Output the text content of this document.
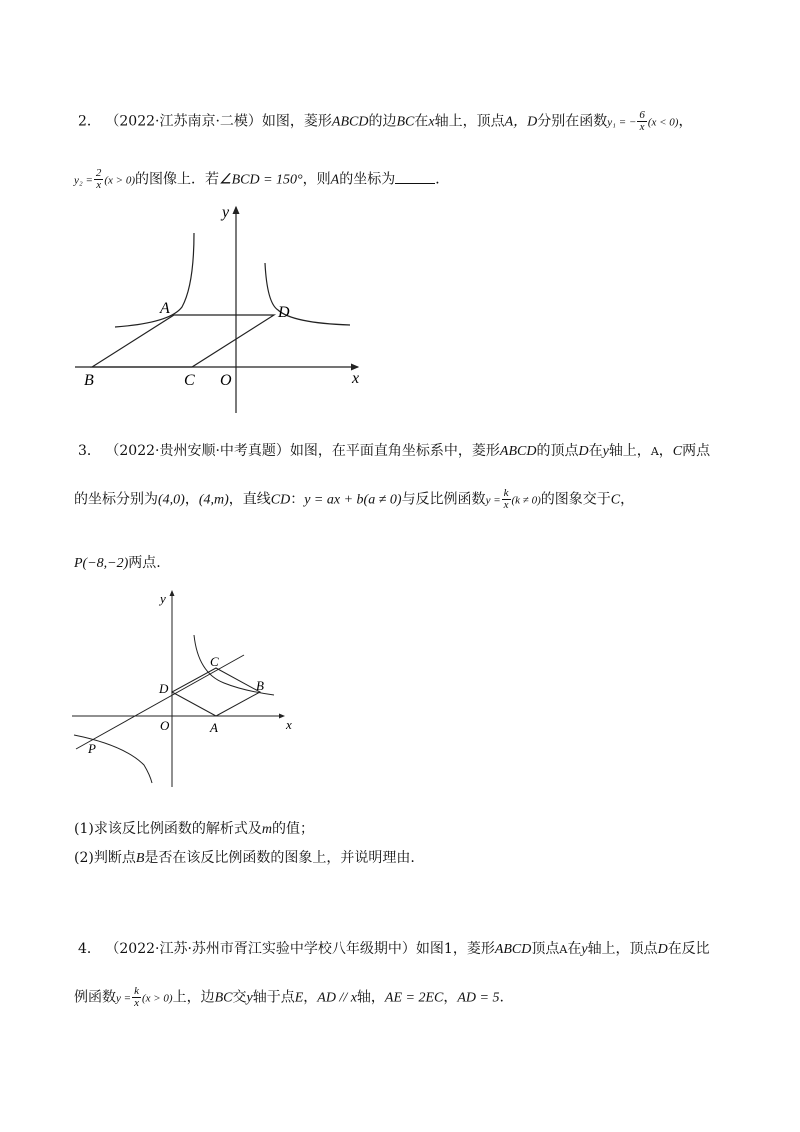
2． （2022·江苏南京·二模）如图，菱形ABCD的边BC在x轴上，顶点A，D分别在函数y₁ = − $\frac{6}{x} (x < 0)$，
$y_2 = \frac{2}{x} (x > 0)$的图像上．若∠BCD = 150°，则A的坐标为	．
y
x
A	D
B	C O
3． （2022·贵州安顺·中考真题）如图，在平面直角坐标系中，菱形ABCD的顶点D在y轴上，A，C两点
的坐标分别为(4,0)，(4,m)，直线CD：y = ax + b(a ≠ 0)与反比例函数$y = \frac{k}{x} (k \ne 0)$的图象交于C，
P(−8,−2)两点.
y
x
D
C
B
O	A
P
(1)求该反比例函数的解析式及m的值；
(2)判断点B是否在该反比例函数的图象上，并说明理由.
4． （2022·江苏·苏州市胥江实验中学校八年级期中）如图1，菱形ABCD顶点A在y轴上，顶点D在反比
例函数$y = \frac{k}{x} (x > 0)$上，边BC交y轴于点E，AD // x轴，AE = 2EC，AD = 5.
